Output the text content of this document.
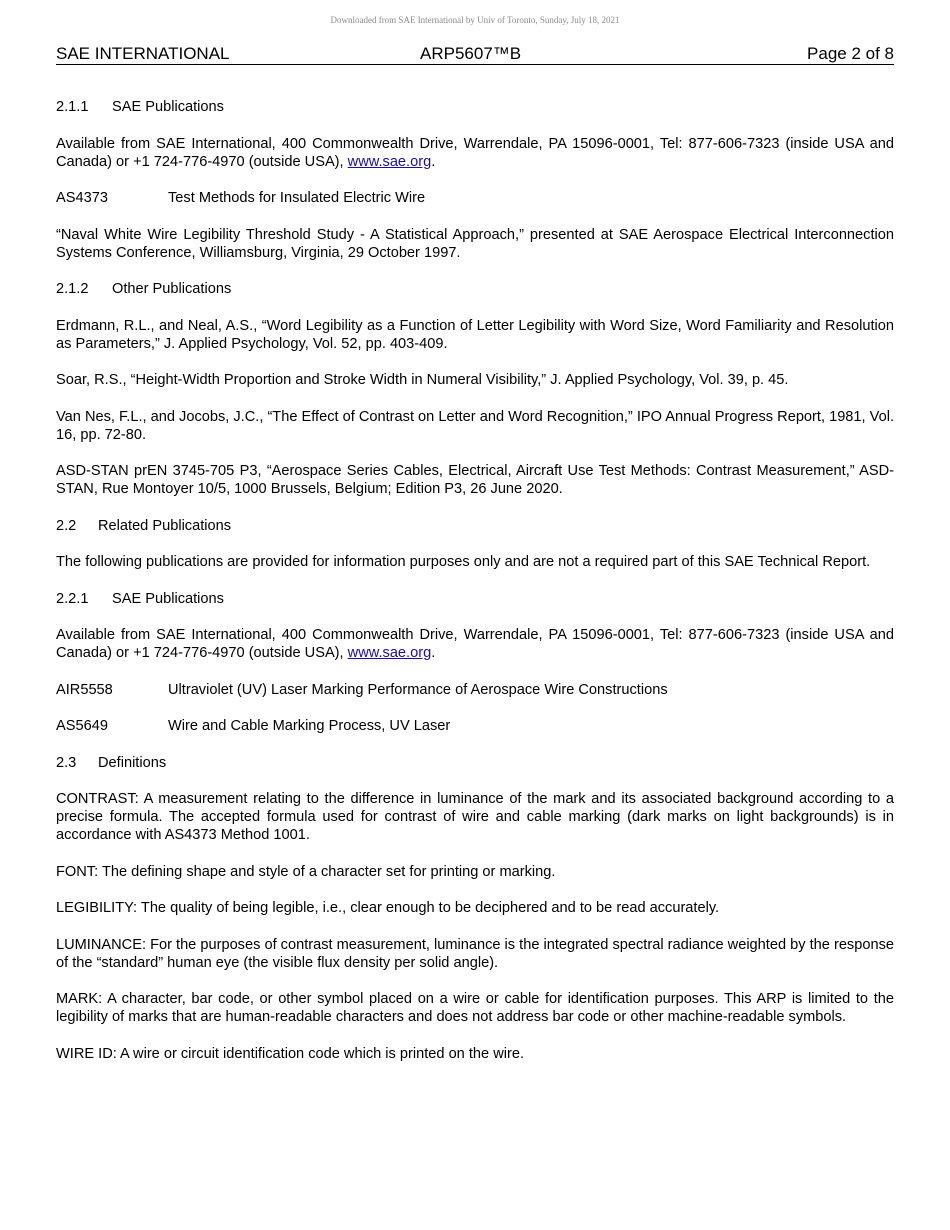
Downloaded from SAE International by Univ of Toronto, Sunday, July 18, 2021
SAE INTERNATIONAL	ARP5607™B	Page 2 of 8
2.1.1	SAE Publications

Available from SAE International, 400 Commonwealth Drive, Warrendale, PA 15096-0001, Tel: 877-606-7323 (inside USA and Canada) or +1 724-776-4970 (outside USA), www.sae.org.

AS4373	Test Methods for Insulated Electric Wire

“Naval White Wire Legibility Threshold Study - A Statistical Approach,” presented at SAE Aerospace Electrical Interconnection Systems Conference, Williamsburg, Virginia, 29 October 1997.

2.1.2	Other Publications

Erdmann, R.L., and Neal, A.S., “Word Legibility as a Function of Letter Legibility with Word Size, Word Familiarity and Resolution as Parameters,” J. Applied Psychology, Vol. 52, pp. 403-409.

Soar, R.S., “Height-Width Proportion and Stroke Width in Numeral Visibility,” J. Applied Psychology, Vol. 39, p. 45.

Van Nes, F.L., and Jocobs, J.C., “The Effect of Contrast on Letter and Word Recognition,” IPO Annual Progress Report, 1981, Vol. 16, pp. 72-80.

ASD-STAN prEN 3745-705 P3, “Aerospace Series Cables, Electrical, Aircraft Use Test Methods: Contrast Measurement,” ASD-STAN, Rue Montoyer 10/5, 1000 Brussels, Belgium; Edition P3, 26 June 2020.

2.2	Related Publications

The following publications are provided for information purposes only and are not a required part of this SAE Technical Report.

2.2.1	SAE Publications

Available from SAE International, 400 Commonwealth Drive, Warrendale, PA 15096-0001, Tel: 877-606-7323 (inside USA and Canada) or +1 724-776-4970 (outside USA), www.sae.org.

AIR5558	Ultraviolet (UV) Laser Marking Performance of Aerospace Wire Constructions
AS5649	Wire and Cable Marking Process, UV Laser
2.3	Definitions

CONTRAST: A measurement relating to the difference in luminance of the mark and its associated background according to a precise formula. The accepted formula used for contrast of wire and cable marking (dark marks on light backgrounds) is in accordance with AS4373 Method 1001.

FONT: The defining shape and style of a character set for printing or marking.

LEGIBILITY: The quality of being legible, i.e., clear enough to be deciphered and to be read accurately.

LUMINANCE: For the purposes of contrast measurement, luminance is the integrated spectral radiance weighted by the response of the “standard” human eye (the visible flux density per solid angle).

MARK: A character, bar code, or other symbol placed on a wire or cable for identification purposes. This ARP is limited to the legibility of marks that are human-readable characters and does not address bar code or other machine-readable symbols.

WIRE ID: A wire or circuit identification code which is printed on the wire.
